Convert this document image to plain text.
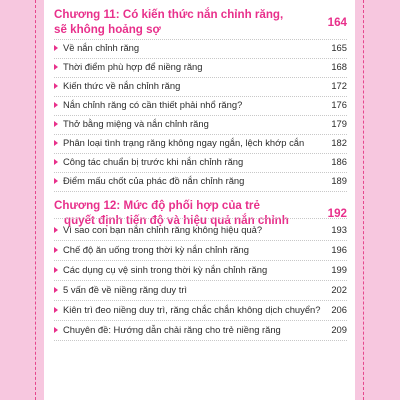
Chương 11: Có kiến thức nắn chỉnh răng,
sẽ không hoảng sợ
164
Về nắn chỉnh răng	165
Thời điểm phù hợp để niềng răng	168
Kiến thức về nắn chỉnh răng	172
Nắn chỉnh răng có cần thiết phải nhổ răng?	176
Thở bằng miệng và nắn chỉnh răng	179
Phân loại tình trạng răng không ngay ngắn, lệch khớp cắn	182
Công tác chuẩn bị trước khi nắn chỉnh răng	186
Điểm mấu chốt của phác đồ nắn chỉnh răng	189
Chương 12: Mức độ phối hợp của trẻ
quyết định tiến độ và hiệu quả nắn chỉnh
192
Vì sao con bạn nắn chỉnh răng không hiệu quả?	193
Chế độ ăn uống trong thời kỳ nắn chỉnh răng	196
Các dụng cụ vệ sinh trong thời kỳ nắn chỉnh răng	199
5 vấn đề về niềng răng duy trì	202
Kiên trì đeo niềng duy trì, răng chắc chắn không dịch chuyển? 206
Chuyên đề: Hướng dẫn chải răng cho trẻ niềng răng	209
